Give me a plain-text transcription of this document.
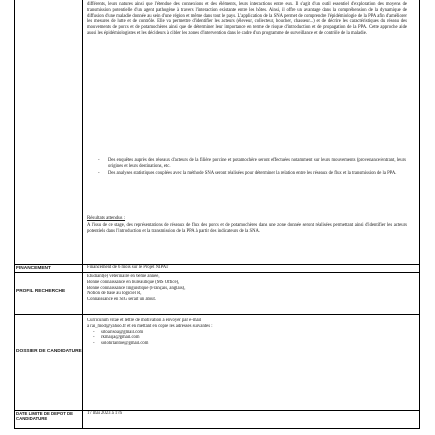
différents, leurs natures ainsi que l'étendue des connexions et des éléments, leurs interactions entre eux. Il s'agit d'un outil essentiel d'exploration des moyens de transmission potentielle d'un agent pathogène à travers l'interaction existante entre les hôtes. Ainsi, il offre un avantage dans la compréhension de la dynamique de diffusion d'une maladie donnée au sein d'une région et même dans tout le pays. L'application de la SNA permet de comprendre l'épidémiologie de la PPA afin d'améliorer les mesures de lutte et de contrôle. Elle va permettre d'identifier les acteurs (éleveur, collecteur, boucher, chasseur...) et de décrire les caractéristiques du réseau des mouvements de porcs et de potamochères ainsi que de déterminer leur importance en terme de risque d'introduction et de propagation de la PPA. Cette approche aide aussi les épidémiologistes et les décideurs à cibler les zones d'intervention dans le cadre d'un programme de surveillance et de contrôle de la maladie.

- Des enquêtes auprès des réseaux d'acteurs de la filière porcine et potamochère seront effectuées notamment sur leurs mouvements (provenance/entrant, leurs origines et leurs destinations, etc.
- Des analyses statistiques couplées avec la méthode SNA seront réalisées pour déterminer la relation entre les réseaux de flux et la transmission de la PPA.
Résultats attendus :
A l'issu de ce stage, des représentations de réseaux de flux des porcs et de potamochères dans une zone donnée seront réalisées permettant ainsi d'identifier les acteurs potentiels dans l'introduction et la transmission de la PPA à partir des indicateurs de la SNA.
FINANCEMENT	Financement de 6 mois sur le Projet NIPAT
PROFIL RECHERCHE
Etudiant(e) vétérinaire en 6ème année,
Bonne connaissance en bureautique (MS Office),
Bonne connaissance linguistique (Français, anglais),
Notion de base au logiciel R,
Connaissance en SIG serait un atout.
DOSSIER DE CANDIDATURE
Curriculum vitae et lettre de motivation à envoyer par e-mail
à rai_mod@yahoo.fr et en mettant en copie les adresses suivantes :
- sitoarisoa@gmail.com
- rkmaija@gmail.com
- solohrlantoe@gmail.com
DATE LIMITE DE DEPOT DE CANDIDATURE
17 mai 2023 à 17h
